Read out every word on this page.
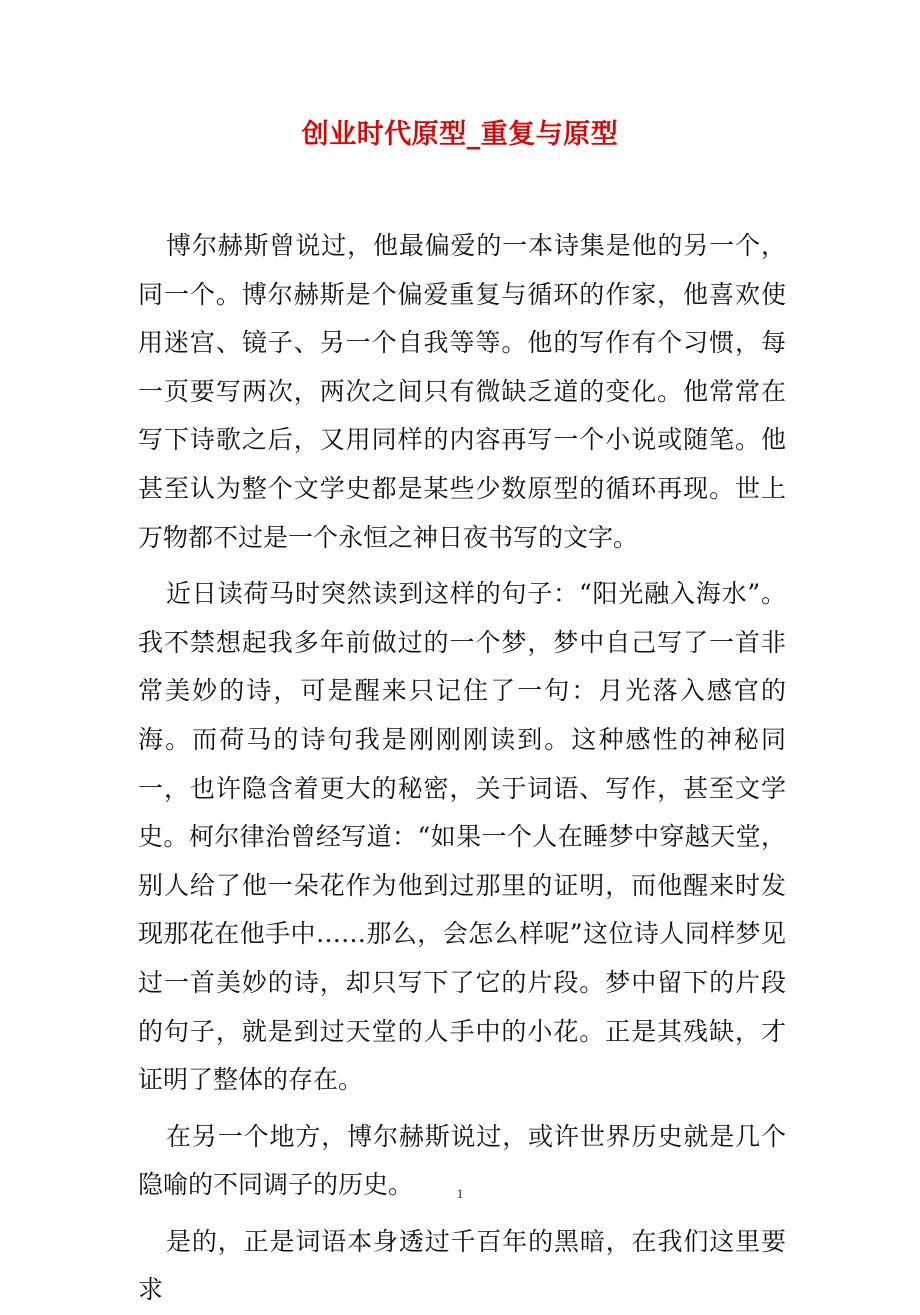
创业时代原型_重复与原型

博尔赫斯曾说过，他最偏爱的一本诗集是他的另一个，同一个。博尔赫斯是个偏爱重复与循环的作家，他喜欢使用迷宫、镜子、另一个自我等等。他的写作有个习惯，每一页要写两次，两次之间只有微缺乏道的变化。他常常在写下诗歌之后，又用同样的内容再写一个小说或随笔。他甚至认为整个文学史都是某些少数原型的循环再现。世上万物都不过是一个永恒之神日夜书写的文字。

近日读荷马时突然读到这样的句子：“阳光融入海水”。我不禁想起我多年前做过的一个梦，梦中自己写了一首非常美妙的诗，可是醒来只记住了一句：月光落入感官的海。而荷马的诗句我是刚刚刚读到。这种感性的神秘同一，也许隐含着更大的秘密，关于词语、写作，甚至文学史。柯尔律治曾经写道：“如果一个人在睡梦中穿越天堂，别人给了他一朵花作为他到过那里的证明，而他醒来时发现那花在他手中……那么，会怎么样呢”这位诗人同样梦见过一首美妙的诗，却只写下了它的片段。梦中留下的片段的句子，就是到过天堂的人手中的小花。正是其残缺，才证明了整体的存在。

在另一个地方，博尔赫斯说过，或许世界历史就是几个隐喻的不同调子的历史。

是的，正是词语本身透过千百年的黑暗，在我们这里要求

1
